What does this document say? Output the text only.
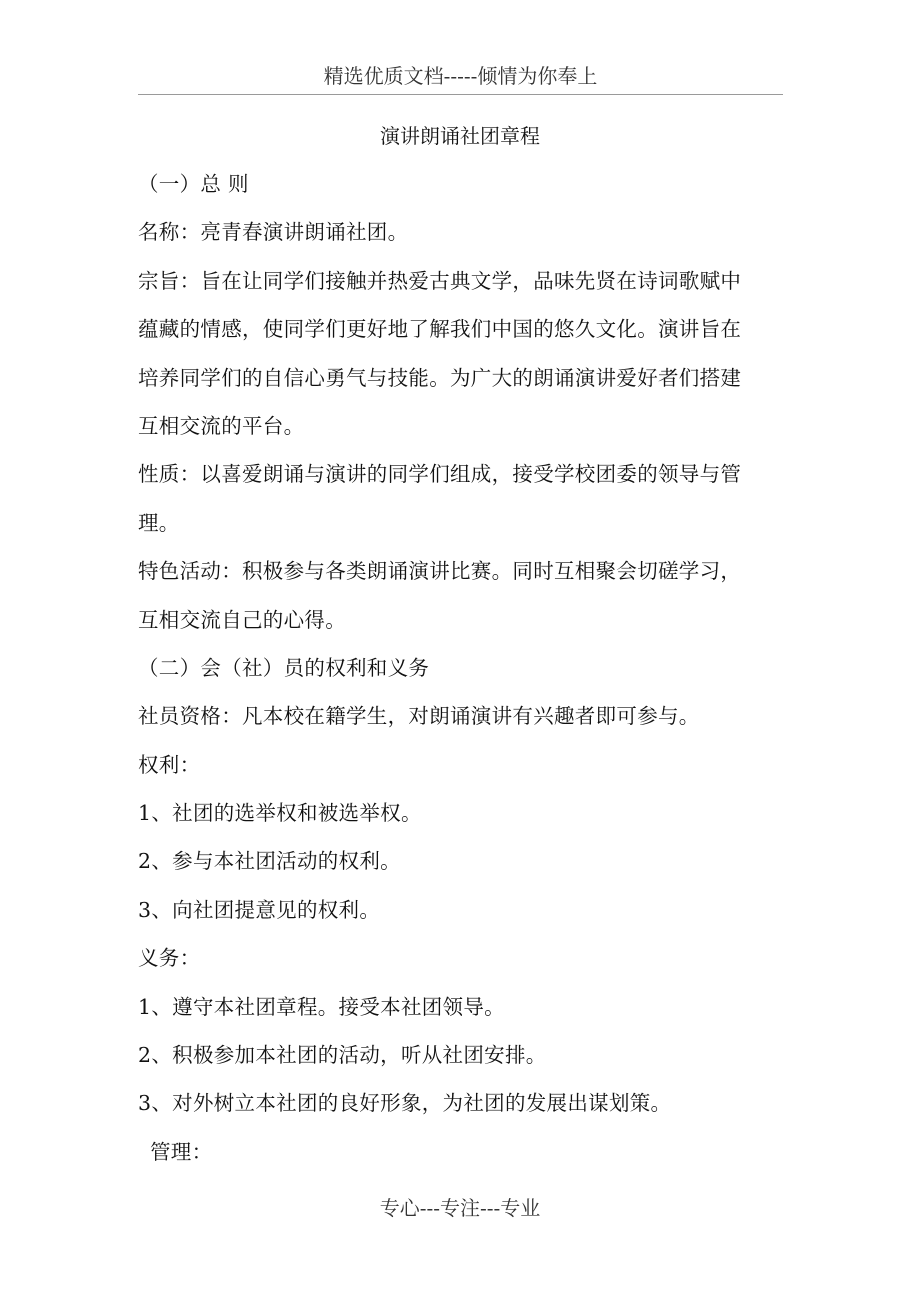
精选优质文档-----倾情为你奉上
演讲朗诵社团章程

（一）总 则

名称：亮青春演讲朗诵社团。

宗旨：旨在让同学们接触并热爱古典文学，品味先贤在诗词歌赋中

蕴藏的情感，使同学们更好地了解我们中国的悠久文化。演讲旨在

培养同学们的自信心勇气与技能。为广大的朗诵演讲爱好者们搭建

互相交流的平台。

性质：以喜爱朗诵与演讲的同学们组成，接受学校团委的领导与管

理。

特色活动：积极参与各类朗诵演讲比赛。同时互相聚会切磋学习，

互相交流自己的心得。

（二）会（社）员的权利和义务

社员资格：凡本校在籍学生，对朗诵演讲有兴趣者即可参与。

权利：

1、社团的选举权和被选举权。

2、参与本社团活动的权利。

3、向社团提意见的权利。

义务：

1、遵守本社团章程。接受本社团领导。

2、积极参加本社团的活动，听从社团安排。

3、对外树立本社团的良好形象，为社团的发展出谋划策。

管理：

专心---专注---专业
